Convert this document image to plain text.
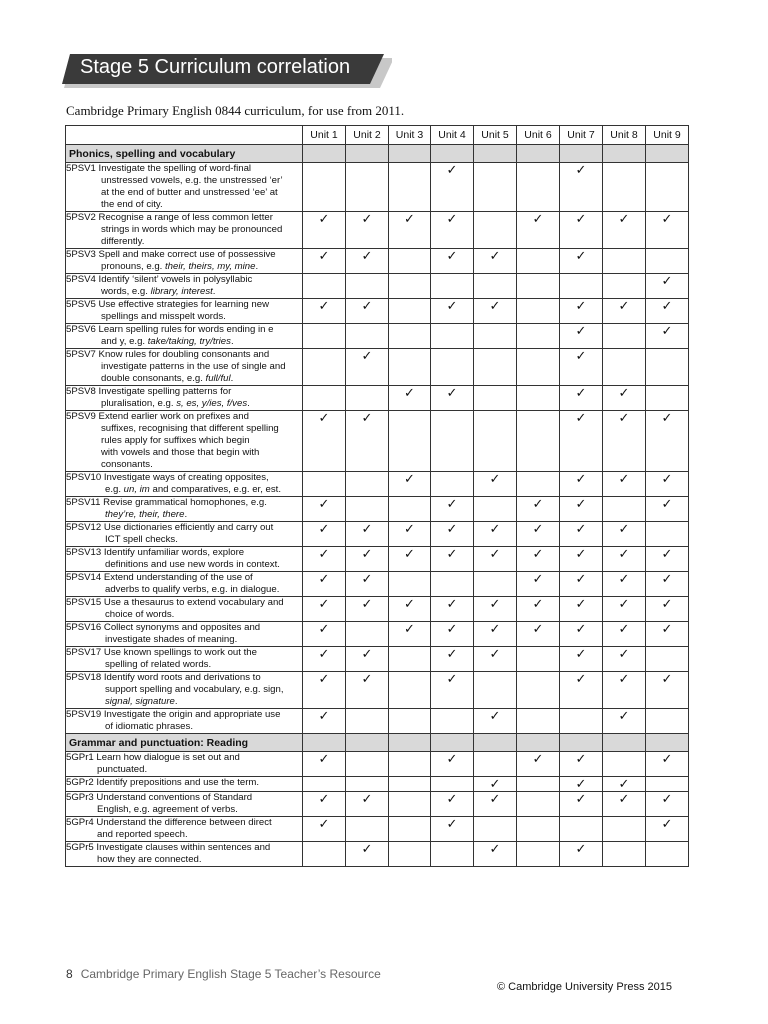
Stage 5 Curriculum correlation
Cambridge Primary English 0844 curriculum, for use from 2011.
	Unit 1	Unit 2	Unit 3	Unit 4	Unit 5	Unit 6	Unit 7	Unit 8	Unit 9
Phonics, spelling and vocabulary									
5PSV1 Investigate the spelling of word-final
unstressed vowels, e.g. the unstressed ‘er’
at the end of butter and unstressed ‘ee’ at
the end of city.				✓			✓		
5PSV2 Recognise a range of less common letter
strings in words which may be pronounced
differently.	✓	✓	✓	✓		✓	✓	✓	✓
5PSV3 Spell and make correct use of possessive
pronouns, e.g. their, theirs, my, mine.	✓	✓		✓	✓		✓		
5PSV4 Identify ‘silent’ vowels in polysyllabic
words, e.g. library, interest.									✓
5PSV5 Use effective strategies for learning new
spellings and misspelt words.	✓	✓		✓	✓		✓	✓	✓
5PSV6 Learn spelling rules for words ending in e
and y, e.g. take/taking, try/tries.							✓		✓
5PSV7 Know rules for doubling consonants and
investigate patterns in the use of single and
double consonants, e.g. full/ful.		✓					✓		
5PSV8 Investigate spelling patterns for
pluralisation, e.g. s, es, y/ies, f/ves.			✓	✓			✓	✓	
5PSV9 Extend earlier work on prefixes and
suffixes, recognising that different spelling
rules apply for suffixes which begin
with vowels and those that begin with
consonants.	✓	✓					✓	✓	✓
5PSV10 Investigate ways of creating opposites,
e.g. un, im and comparatives, e.g. er, est.			✓		✓		✓	✓	✓
5PSV11 Revise grammatical homophones, e.g.
they’re, their, there.	✓			✓		✓	✓		✓
5PSV12 Use dictionaries efficiently and carry out
ICT spell checks.	✓	✓	✓	✓	✓	✓	✓	✓	
5PSV13 Identify unfamiliar words, explore
definitions and use new words in context.	✓	✓	✓	✓	✓	✓	✓	✓	✓
5PSV14 Extend understanding of the use of
adverbs to qualify verbs, e.g. in dialogue.	✓	✓				✓	✓	✓	✓
5PSV15 Use a thesaurus to extend vocabulary and
choice of words.	✓	✓	✓	✓	✓	✓	✓	✓	✓
5PSV16 Collect synonyms and opposites and
investigate shades of meaning.	✓		✓	✓	✓	✓	✓	✓	✓
5PSV17 Use known spellings to work out the
spelling of related words.	✓	✓		✓	✓		✓	✓	
5PSV18 Identify word roots and derivations to
support spelling and vocabulary, e.g. sign,
signal, signature.	✓	✓		✓			✓	✓	✓
5PSV19 Investigate the origin and appropriate use
of idiomatic phrases.	✓				✓			✓	
Grammar and punctuation: Reading									
5GPr1 Learn how dialogue is set out and
punctuated.	✓			✓		✓	✓		✓
5GPr2 Identify prepositions and use the term.					✓		✓	✓	
5GPr3 Understand conventions of Standard
English, e.g. agreement of verbs.	✓	✓		✓	✓		✓	✓	✓
5GPr4 Understand the difference between direct
and reported speech.	✓			✓					✓
5GPr5 Investigate clauses within sentences and
how they are connected.		✓			✓		✓		
8 Cambridge Primary English Stage 5 Teacher’s Resource
© Cambridge University Press 2015
